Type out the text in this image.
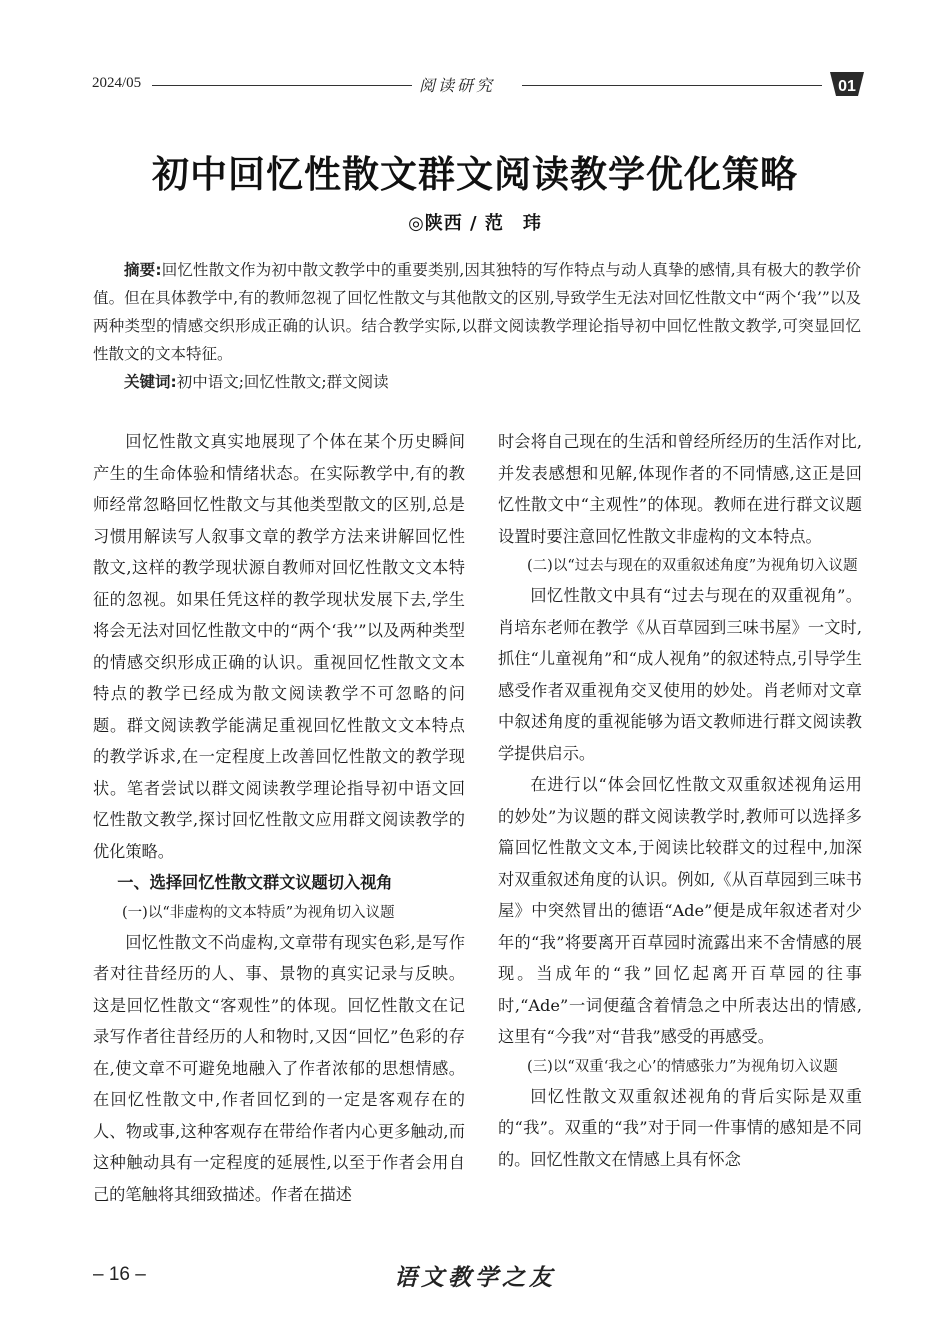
2024/05	阅读研究	01
初中回忆性散文群文阅读教学优化策略
◎陕西 / 范　玮

摘要:回忆性散文作为初中散文教学中的重要类别,因其独特的写作特点与动人真挚的感情,具有极大的教学价值。但在具体教学中,有的教师忽视了回忆性散文与其他散文的区别,导致学生无法对回忆性散文中“两个‘我’”以及两种类型的情感交织形成正确的认识。结合教学实际,以群文阅读教学理论指导初中回忆性散文教学,可突显回忆性散文的文本特征。

关键词:初中语文;回忆性散文;群文阅读

回忆性散文真实地展现了个体在某个历史瞬间产生的生命体验和情绪状态。在实际教学中,有的教师经常忽略回忆性散文与其他类型散文的区别,总是习惯用解读写人叙事文章的教学方法来讲解回忆性散文,这样的教学现状源自教师对回忆性散文文本特征的忽视。如果任凭这样的教学现状发展下去,学生将会无法对回忆性散文中的“两个‘我’”以及两种类型的情感交织形成正确的认识。重视回忆性散文文本特点的教学已经成为散文阅读教学不可忽略的问题。群文阅读教学能满足重视回忆性散文文本特点的教学诉求,在一定程度上改善回忆性散文的教学现状。笔者尝试以群文阅读教学理论指导初中语文回忆性散文教学,探讨回忆性散文应用群文阅读教学的优化策略。

一、选择回忆性散文群文议题切入视角

(一)以“非虚构的文本特质”为视角切入议题

回忆性散文不尚虚构,文章带有现实色彩,是写作者对往昔经历的人、事、景物的真实记录与反映。这是回忆性散文“客观性”的体现。回忆性散文在记录写作者往昔经历的人和物时,又因“回忆”色彩的存在,使文章不可避免地融入了作者浓郁的思想情感。在回忆性散文中,作者回忆到的一定是客观存在的人、物或事,这种客观存在带给作者内心更多触动,而这种触动具有一定程度的延展性,以至于作者会用自己的笔触将其细致描述。作者在描述

时会将自己现在的生活和曾经所经历的生活作对比,并发表感想和见解,体现作者的不同情感,这正是回忆性散文中“主观性”的体现。教师在进行群文议题设置时要注意回忆性散文非虚构的文本特点。

(二)以“过去与现在的双重叙述角度”为视角切入议题

回忆性散文中具有“过去与现在的双重视角”。肖培东老师在教学《从百草园到三味书屋》一文时,抓住“儿童视角”和“成人视角”的叙述特点,引导学生感受作者双重视角交叉使用的妙处。肖老师对文章中叙述角度的重视能够为语文教师进行群文阅读教学提供启示。

在进行以“体会回忆性散文双重叙述视角运用的妙处”为议题的群文阅读教学时,教师可以选择多篇回忆性散文文本,于阅读比较群文的过程中,加深对双重叙述角度的认识。例如,《从百草园到三味书屋》中突然冒出的德语“Ade”便是成年叙述者对少年的“我”将要离开百草园时流露出来不舍情感的展现。当成年的“我”回忆起离开百草园的往事时,“Ade”一词便蕴含着情急之中所表达出的情感,这里有“今我”对“昔我”感受的再感受。

(三)以“双重‘我之心’的情感张力”为视角切入议题

回忆性散文双重叙述视角的背后实际是双重的“我”。双重的“我”对于同一件事情的感知是不同的。回忆性散文在情感上具有怀念

– 16 –	语文教学之友
